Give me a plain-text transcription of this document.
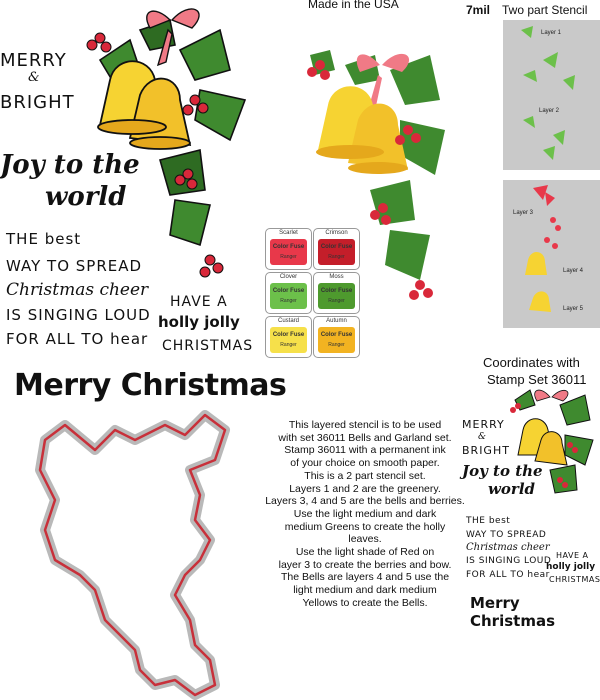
MERRY
&
BRIGHT
Joy to the
world
THE best
WAY TO SPREAD
Christmas cheer
IS SINGING LOUD
FOR ALL TO hear
HAVE A
holly jolly
CHRISTMAS
Merry Christmas
Made in the USA	7mil Two part Stencil
Layer 1
Layer 2
Layer 3
Layer 4
Layer 5
Scarlet
Color Fuse
Ranger
Crimson
Color Fuse
Ranger
Clover
Color Fuse
Ranger
Moss
Color Fuse
Ranger
Custard
Color Fuse
Ranger
Autumn
Color Fuse
Ranger
Coordinates with
Stamp Set 36011
This layered stencil is to be used
with set 36011 Bells and Garland set.
Stamp 36011 with a permanent ink
of your choice on smooth paper.
This is a 2 part stencil set.
Layers 1 and 2 are the greenery.
Layers 3, 4 and 5 are the bells and berries.
Use the light medium and dark
medium Greens to create the holly
leaves.
Use the light shade of Red on
layer 3 to create the berries and bow.
The Bells are layers 4 and 5 use the
light medium and dark medium
Yellows to create the Bells.
MERRY
&
BRIGHT
Joy to the
world
THE best
WAY TO SPREAD
Christmas cheer
IS SINGING LOUD
FOR ALL TO hear
HAVE A
holly jolly
CHRISTMAS
Merry Christmas
